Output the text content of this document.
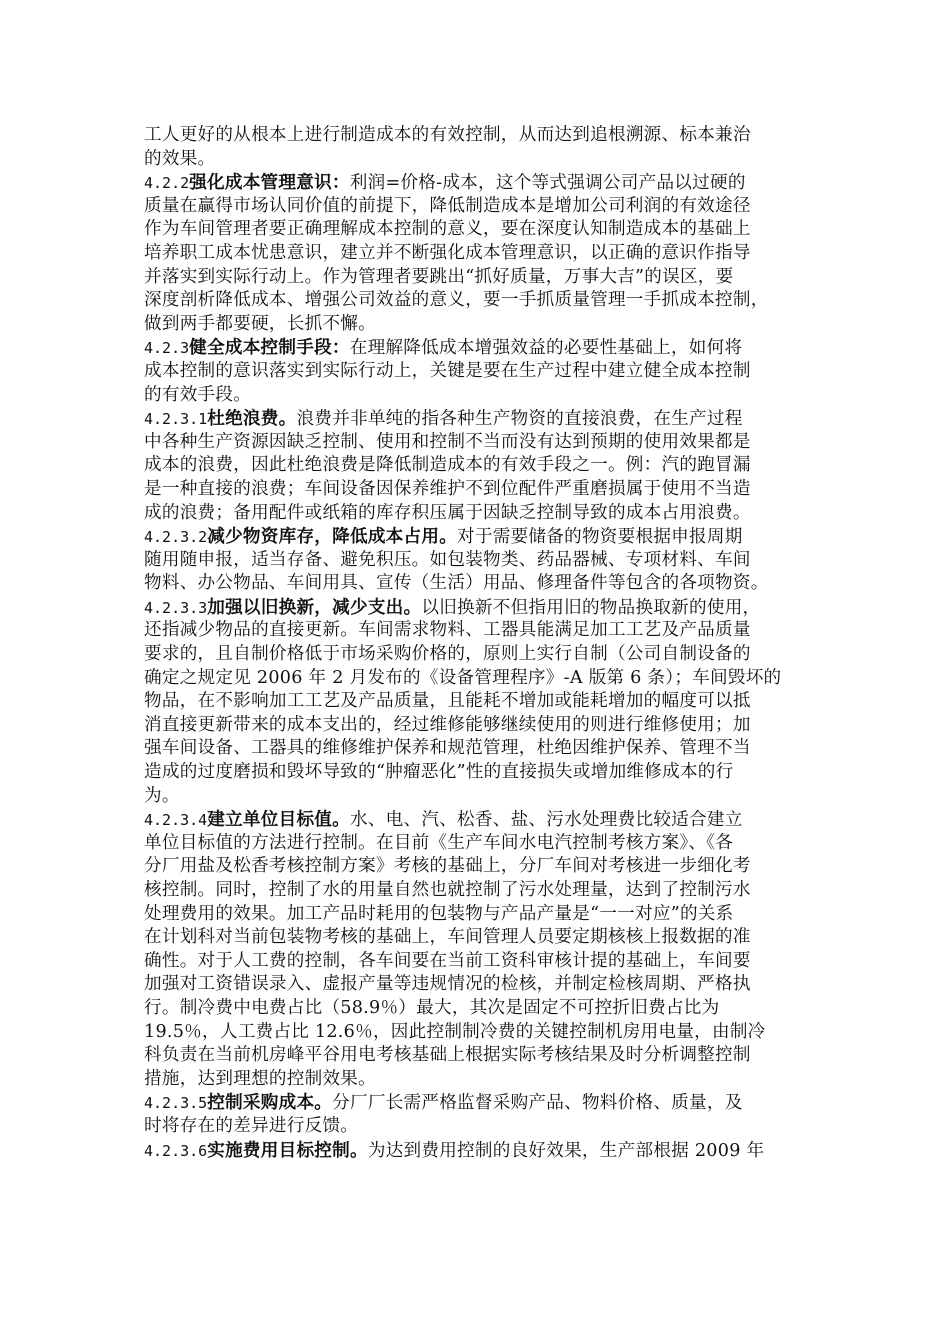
工人更好的从根本上进行制造成本的有效控制，从而达到追根溯源、标本兼治
的效果。
4.2.2强化成本管理意识：利润=价格-成本，这个等式强调公司产品以过硬的
质量在赢得市场认同价值的前提下，降低制造成本是增加公司利润的有效途径
作为车间管理者要正确理解成本控制的意义，要在深度认知制造成本的基础上
培养职工成本忧患意识，建立并不断强化成本管理意识，以正确的意识作指导
并落实到实际行动上。作为管理者要跳出“抓好质量，万事大吉”的误区，要
深度剖析降低成本、增强公司效益的意义，要一手抓质量管理一手抓成本控制，
做到两手都要硬，长抓不懈。
4.2.3健全成本控制手段：在理解降低成本增强效益的必要性基础上，如何将
成本控制的意识落实到实际行动上，关键是要在生产过程中建立健全成本控制
的有效手段。
4.2.3.1杜绝浪费。浪费并非单纯的指各种生产物资的直接浪费，在生产过程
中各种生产资源因缺乏控制、使用和控制不当而没有达到预期的使用效果都是
成本的浪费，因此杜绝浪费是降低制造成本的有效手段之一。例：汽的跑冒漏
是一种直接的浪费；车间设备因保养维护不到位配件严重磨损属于使用不当造
成的浪费；备用配件或纸箱的库存积压属于因缺乏控制导致的成本占用浪费。
4.2.3.2减少物资库存，降低成本占用。对于需要储备的物资要根据申报周期
随用随申报，适当存备、避免积压。如包装物类、药品器械、专项材料、车间
物料、办公物品、车间用具、宣传（生活）用品、修理备件等包含的各项物资。
4.2.3.3加强以旧换新，减少支出。以旧换新不但指用旧的物品换取新的使用，
还指减少物品的直接更新。车间需求物料、工器具能满足加工工艺及产品质量
要求的，且自制价格低于市场采购价格的，原则上实行自制（公司自制设备的
确定之规定见 2006 年 2 月发布的《设备管理程序》-A 版第 6 条）；车间毁坏的
物品，在不影响加工工艺及产品质量，且能耗不增加或能耗增加的幅度可以抵
消直接更新带来的成本支出的，经过维修能够继续使用的则进行维修使用；加
强车间设备、工器具的维修维护保养和规范管理，杜绝因维护保养、管理不当
造成的过度磨损和毁坏导致的“肿瘤恶化”性的直接损失或增加维修成本的行
为。
4.2.3.4建立单位目标值。水、电、汽、松香、盐、污水处理费比较适合建立
单位目标值的方法进行控制。在目前《生产车间水电汽控制考核方案》、《各
分厂用盐及松香考核控制方案》考核的基础上，分厂车间对考核进一步细化考
核控制。同时，控制了水的用量自然也就控制了污水处理量，达到了控制污水
处理费用的效果。加工产品时耗用的包装物与产品产量是“一一对应”的关系
在计划科对当前包装物考核的基础上，车间管理人员要定期核核上报数据的准
确性。对于人工费的控制，各车间要在当前工资科审核计提的基础上，车间要
加强对工资错误录入、虚报产量等违规情况的检核，并制定检核周期、严格执
行。制冷费中电费占比（58.9％）最大，其次是固定不可控折旧费占比为
19.5％，人工费占比 12.6％，因此控制制冷费的关键控制机房用电量，由制冷
科负责在当前机房峰平谷用电考核基础上根据实际考核结果及时分析调整控制
措施，达到理想的控制效果。
4.2.3.5控制采购成本。分厂厂长需严格监督采购产品、物料价格、质量，及
时将存在的差异进行反馈。
4.2.3.6实施费用目标控制。为达到费用控制的良好效果，生产部根据 2009 年
